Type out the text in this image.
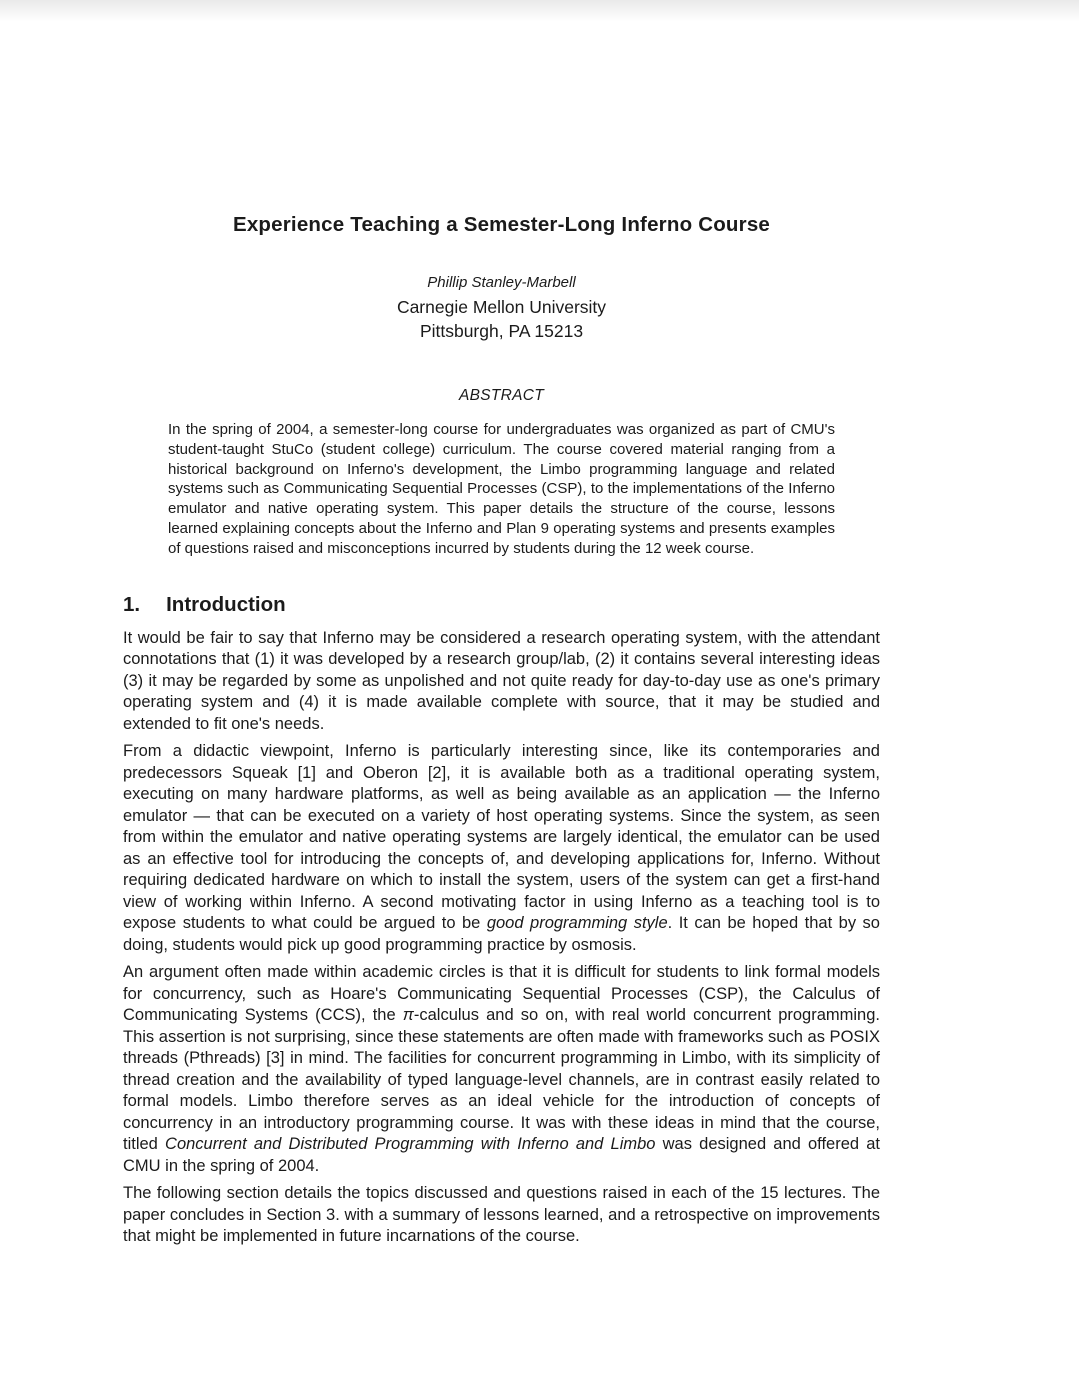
Experience Teaching a Semester-Long Inferno Course
Phillip Stanley-Marbell
Carnegie Mellon University
Pittsburgh, PA 15213
ABSTRACT
In the spring of 2004, a semester-long course for undergraduates was organized as part of CMU's student-taught StuCo (student college) curriculum. The course covered material ranging from a historical background on Inferno's development, the Limbo programming language and related systems such as Communicating Sequential Processes (CSP), to the implementations of the Inferno emulator and native operating system. This paper details the structure of the course, lessons learned explaining concepts about the Inferno and Plan 9 operating systems and presents examples of questions raised and misconceptions incurred by students during the 12 week course.
1. Introduction

It would be fair to say that Inferno may be considered a research operating system, with the attendant connotations that (1) it was developed by a research group/lab, (2) it contains several interesting ideas (3) it may be regarded by some as unpolished and not quite ready for day-to-day use as one's primary operating system and (4) it is made available complete with source, that it may be studied and extended to fit one's needs.

From a didactic viewpoint, Inferno is particularly interesting since, like its contemporaries and predecessors Squeak [1] and Oberon [2], it is available both as a traditional operating system, executing on many hardware platforms, as well as being available as an application — the Inferno emulator — that can be executed on a variety of host operating systems. Since the system, as seen from within the emulator and native operating systems are largely identical, the emulator can be used as an effective tool for introducing the concepts of, and developing applications for, Inferno. Without requiring dedicated hardware on which to install the system, users of the system can get a first-hand view of working within Inferno. A second motivating factor in using Inferno as a teaching tool is to expose students to what could be argued to be good programming style. It can be hoped that by so doing, students would pick up good programming practice by osmosis.

An argument often made within academic circles is that it is difficult for students to link formal models for concurrency, such as Hoare's Communicating Sequential Processes (CSP), the Calculus of Communicating Systems (CCS), the π-calculus and so on, with real world concurrent programming. This assertion is not surprising, since these statements are often made with frameworks such as POSIX threads (Pthreads) [3] in mind. The facilities for concurrent programming in Limbo, with its simplicity of thread creation and the availability of typed language-level channels, are in contrast easily related to formal models. Limbo therefore serves as an ideal vehicle for the introduction of concepts of concurrency in an introductory programming course. It was with these ideas in mind that the course, titled Concurrent and Distributed Programming with Inferno and Limbo was designed and offered at CMU in the spring of 2004.

The following section details the topics discussed and questions raised in each of the 15 lectures. The paper concludes in Section 3. with a summary of lessons learned, and a retrospective on improvements that might be implemented in future incarnations of the course.
